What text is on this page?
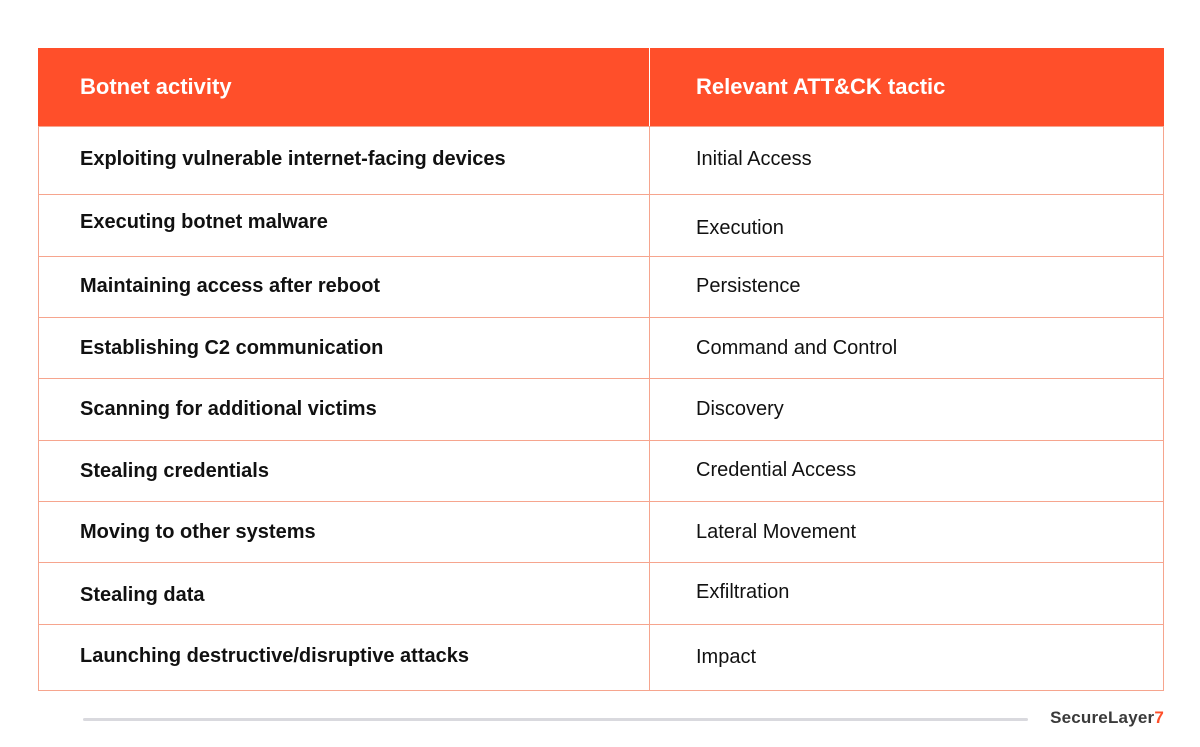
Botnet activity	Relevant ATT&CK tactic
Exploiting vulnerable internet-facing devices	Initial Access
Executing botnet malware	Execution
Maintaining access after reboot	Persistence
Establishing C2 communication	Command and Control
Scanning for additional victims	Discovery
Stealing credentials	Credential Access
Moving to other systems	Lateral Movement
Stealing data	Exfiltration
Launching destructive/disruptive attacks	Impact
SecureLayer7
